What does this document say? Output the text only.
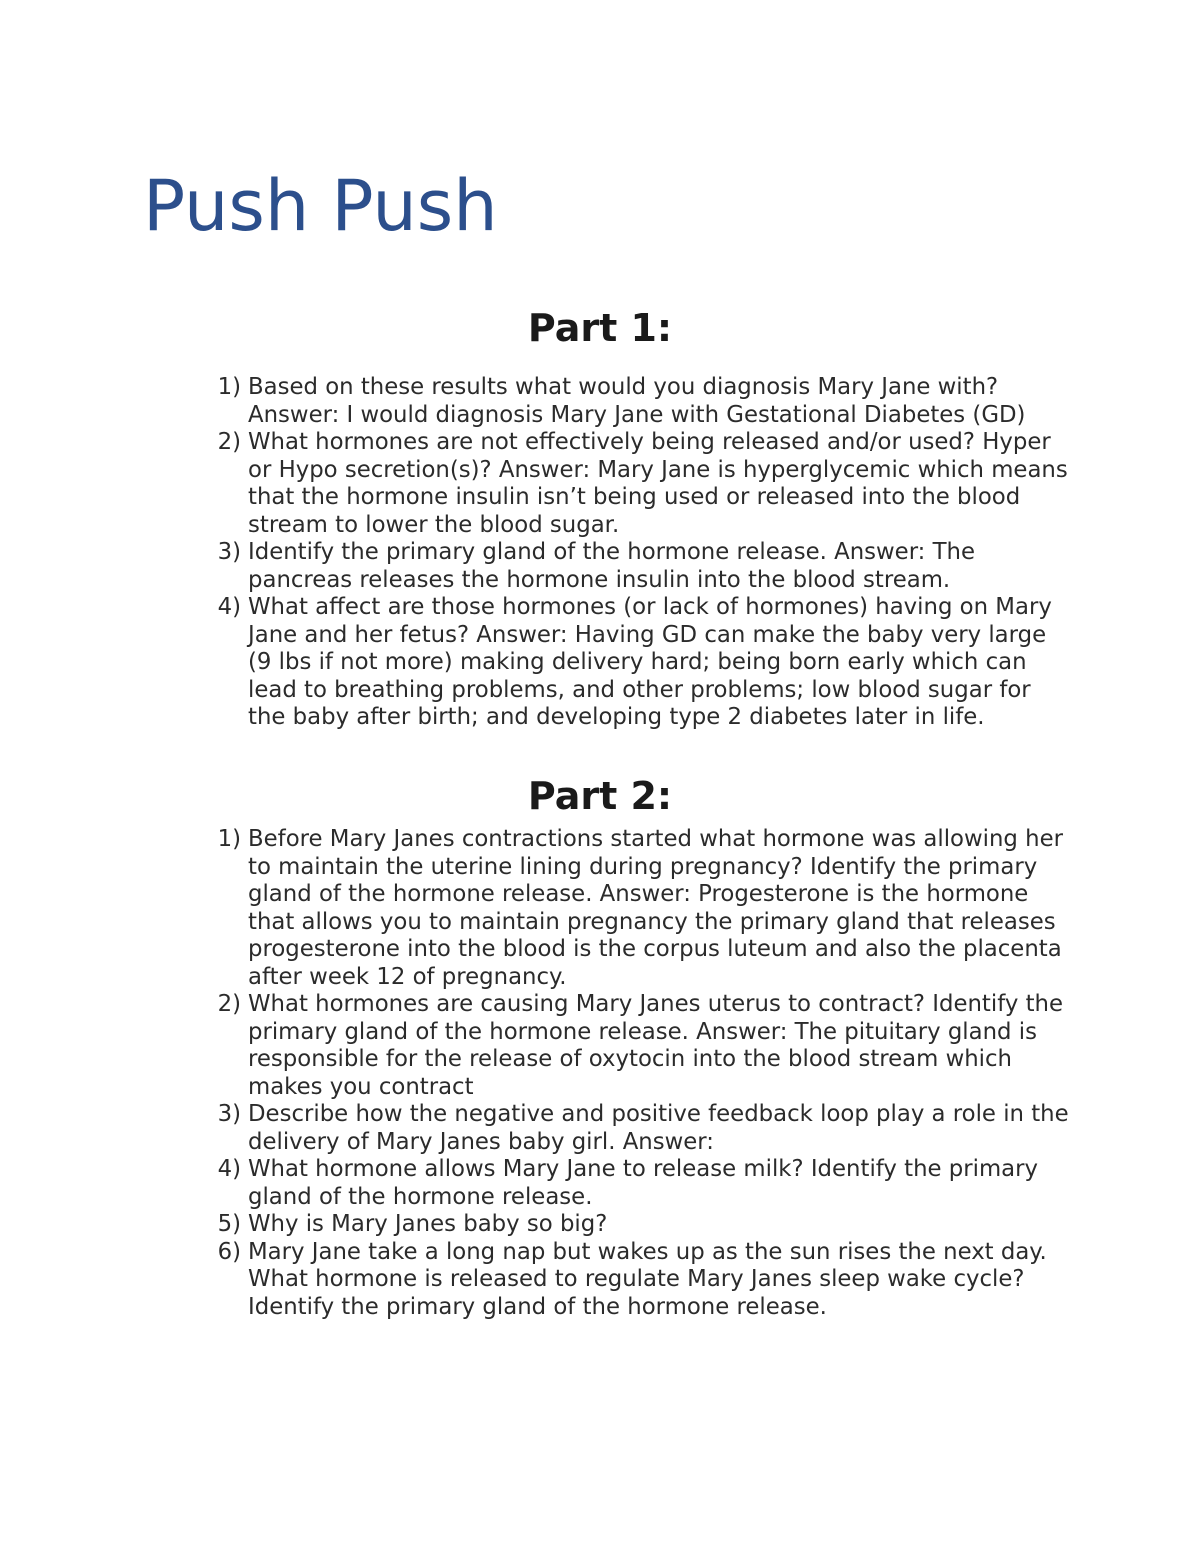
Push Push
Part 1:
1) Based on these results what would you diagnosis Mary Jane with? Answer: I would diagnosis Mary Jane with Gestational Diabetes (GD)
2) What hormones are not effectively being released and/or used? Hyper or Hypo secretion(s)? Answer: Mary Jane is hyperglycemic which means that the hormone insulin isn’t being used or released into the blood stream to lower the blood sugar.
3) Identify the primary gland of the hormone release. Answer: The pancreas releases the hormone insulin into the blood stream.
4) What affect are those hormones (or lack of hormones) having on Mary Jane and her fetus? Answer: Having GD can make the baby very large (9 lbs if not more) making delivery hard; being born early which can lead to breathing problems, and other problems; low blood sugar for the baby after birth; and developing type 2 diabetes later in life.
Part 2:
1) Before Mary Janes contractions started what hormone was allowing her to maintain the uterine lining during pregnancy? Identify the primary gland of the hormone release. Answer: Progesterone is the hormone that allows you to maintain pregnancy the primary gland that releases progesterone into the blood is the corpus luteum and also the placenta after week 12 of pregnancy.
2) What hormones are causing Mary Janes uterus to contract? Identify the primary gland of the hormone release. Answer: The pituitary gland is responsible for the release of oxytocin into the blood stream which makes you contract
3) Describe how the negative and positive feedback loop play a role in the delivery of Mary Janes baby girl. Answer:
4) What hormone allows Mary Jane to release milk? Identify the primary gland of the hormone release.
5) Why is Mary Janes baby so big?
6) Mary Jane take a long nap but wakes up as the sun rises the next day. What hormone is released to regulate Mary Janes sleep wake cycle? Identify the primary gland of the hormone release.
